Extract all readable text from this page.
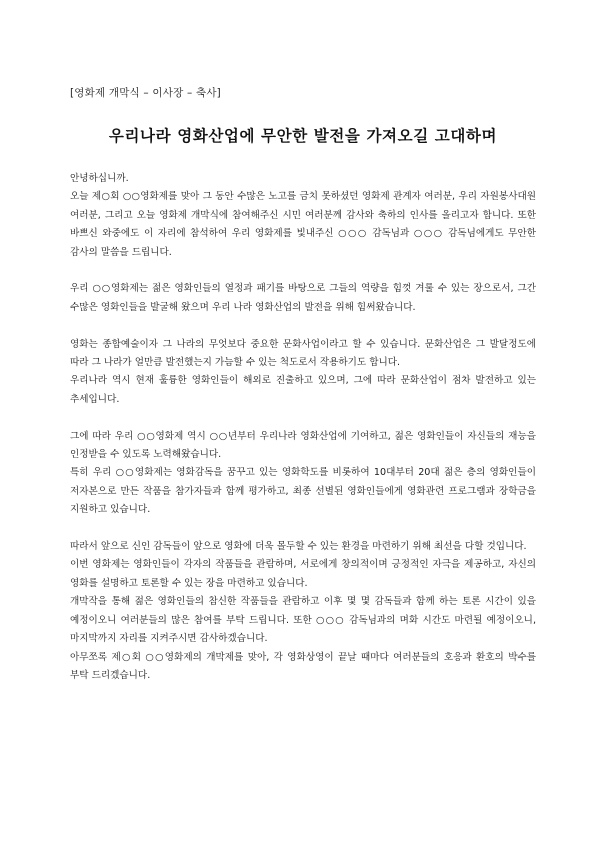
[영화제 개막식 – 이사장 – 축사]
우리나라 영화산업에 무안한 발전을 가져오길 고대하며
안녕하십니까.

오늘 제○회 ○○영화제를 맞아 그 동안 수많은 노고를 금치 못하셨던 영화제 관계자 여러분, 우리 자원봉사대원 여러분, 그리고 오늘 영화제 개막식에 참여해주신 시민 여러분께 감사와 축하의 인사를 올리고자 합니다. 또한 바쁘신 와중에도 이 자리에 참석하여 우리 영화제를 빛내주신 ○○○ 감독님과 ○○○ 감독님에게도 무안한 감사의 말씀을 드립니다.

우리 ○○영화제는 젊은 영화인들의 열정과 패기를 바탕으로 그들의 역량을 힘껏 겨룰 수 있는 장으로서, 그간 수많은 영화인들을 발굴해 왔으며 우리 나라 영화산업의 발전을 위해 힘써왔습니다.

영화는 종합예술이자 그 나라의 무엇보다 중요한 문화사업이라고 할 수 있습니다. 문화산업은 그 발달정도에 따라 그 나라가 얼만큼 발전했는지 가늠할 수 있는 척도로서 작용하기도 합니다.

우리나라 역시 현재 훌륭한 영화인들이 해외로 진출하고 있으며, 그에 따라 문화산업이 점차 발전하고 있는 추세입니다.

그에 따라 우리 ○○영화제 역시 ○○년부터 우리나라 영화산업에 기여하고, 젊은 영화인들이 자신들의 재능을 인정받을 수 있도록 노력해왔습니다.

특히 우리 ○○영화제는 영화감독을 꿈꾸고 있는 영화학도를 비롯하여 10대부터 20대 젊은 층의 영화인들이 저자본으로 만든 작품을 참가자들과 함께 평가하고, 최종 선별된 영화인들에게 영화관련 프로그램과 장학금을 지원하고 있습니다.

따라서 앞으로 신인 감독들이 앞으로 영화에 더욱 몰두할 수 있는 환경을 마련하기 위해 최선을 다할 것입니다.

이번 영화제는 영화인들이 각자의 작품들을 관람하며, 서로에게 창의적이며 긍정적인 자극을 제공하고, 자신의 영화를 설명하고 토론할 수 있는 장을 마련하고 있습니다.

개막작을 통해 젊은 영화인들의 참신한 작품들을 관람하고 이후 몇 몇 감독들과 함께 하는 토론 시간이 있을 예정이오니 여러분들의 많은 참여를 부탁 드립니다. 또한 ○○○ 감독님과의 며화 시간도 마련될 예정이오니, 마지막까지 자리를 지켜주시면 감사하겠습니다.

아무쪼록 제○회 ○○영화제의 개막제를 맞아, 각 영화상영이 끝날 때마다 여러분들의 호응과 환호의 박수를 부탁 드리겠습니다.
